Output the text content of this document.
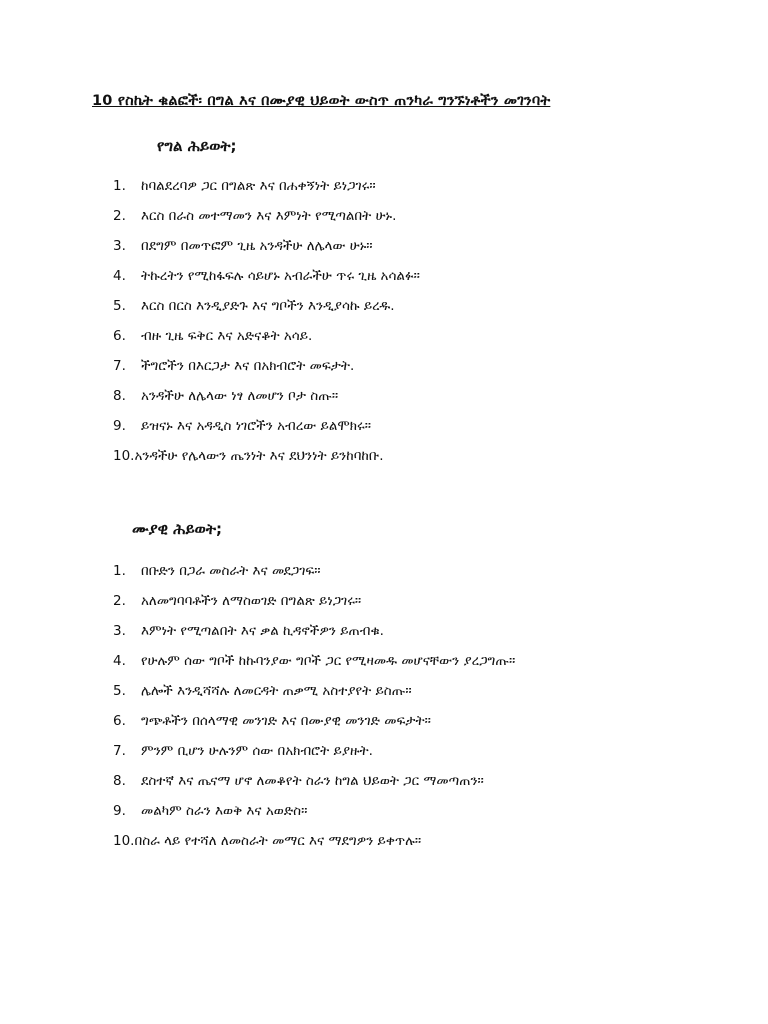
10 የስኬት ቁልፎች፡ በግል እና በሙያዊ ህይወት ውስጥ ጠንካራ ግንኙነቶችን መገንባት
የግል ሕይወት;
1.	ከባልደረባዎ ጋር በግልጽ እና በሐቀኝነት ይነጋገሩ።
2.	እርስ በራስ መተማመን እና እምነት የሚጣልበት ሁኑ.
3.	በደግም በመጥፎም ጊዜ አንዳችሁ ለሌላው ሁኑ።
4.	ትኩረትን የሚከፋፍሉ ሳይሆኑ አብራችሁ ጥሩ ጊዜ አሳልፉ።
5.	እርስ በርስ እንዲያድጉ እና ግቦችን እንዲያሳኩ ይረዱ.
6.	ብዙ ጊዜ ፍቅር እና አድናቆት አሳይ.
7.	ችግሮችን በእርጋታ እና በአክብሮት መፍታት.
8.	አንዳችሁ ለሌላው ነፃ ለመሆን ቦታ ስጡ።
9.	ይዝናኑ እና አዳዲስ ነገሮችን አብረው ይልሞክሩ።
10. አንዳችሁ የሌላውን ጤንነት እና ደህንነት ይንከባከቡ.
ሙያዊ ሕይወት;
1.	በቡድን በጋራ መስራት እና መደጋገፍ።
2.	አለመግባባቶችን ለማስወገድ በግልጽ ይነጋገሩ።
3.	እምነት የሚጣልበት እና ቃል ኪዳኖችዎን ይጠብቁ.
4.	የሁሉም ሰው ግቦች ከኩባንያው ግቦች ጋር የሚዛመዱ መሆናቸውን ያረጋግጡ።
5.	ሌሎች እንዲሻሻሉ ለመርዳት ጠቃሚ አስተያየት ይስጡ።
6.	ግጭቶችን በሰላማዊ መንገድ እና በሙያዊ መንገድ መፍታት።
7.	ምንም ቢሆን ሁሉንም ሰው በአክብሮት ይያዙት.
8.	ደስተኛ እና ጤናማ ሆኖ ለመቆየት ስራን ከግል ህይወት ጋር ማመጣጠን።
9.	መልካም ስራን እወቅ እና አወድስ።
10. በስራ ላይ የተሻለ ለመስራት መማር እና ማደግዎን ይቀጥሉ።
